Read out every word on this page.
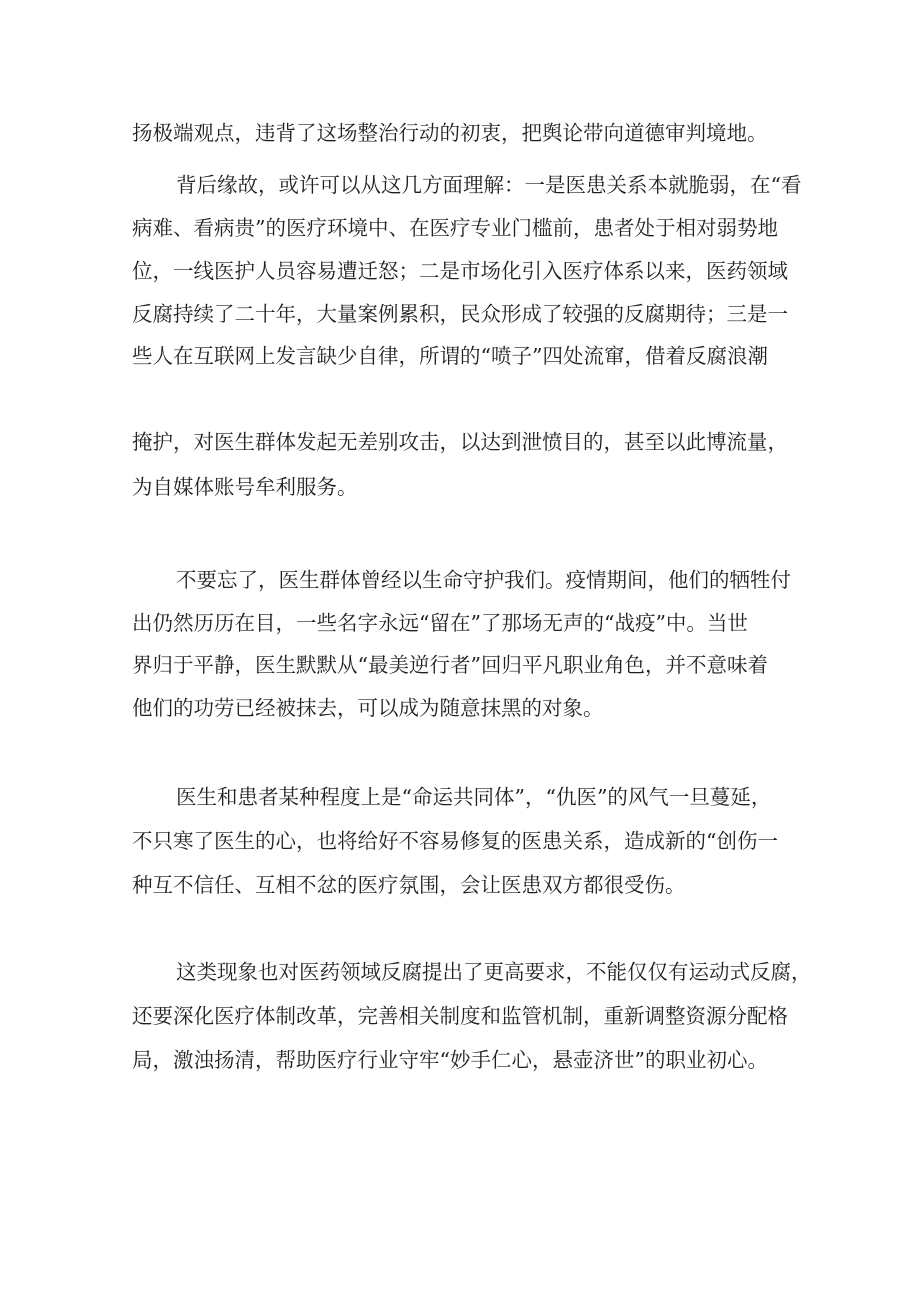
扬极端观点，违背了这场整治行动的初衷，把舆论带向道德审判境地。

背后缘故，或许可以从这几方面理解：一是医患关系本就脆弱，在“看

病难、看病贵”的医疗环境中、在医疗专业门槛前，患者处于相对弱势地

位，一线医护人员容易遭迁怒；二是市场化引入医疗体系以来，医药领域

反腐持续了二十年，大量案例累积，民众形成了较强的反腐期待；三是一

些人在互联网上发言缺少自律，所谓的“喷子”四处流窜，借着反腐浪潮

掩护，对医生群体发起无差别攻击，以达到泄愤目的，甚至以此博流量，

为自媒体账号牟利服务。

不要忘了，医生群体曾经以生命守护我们。疫情期间，他们的牺牲付

出仍然历历在目，一些名字永远“留在”了那场无声的“战疫”中。当世

界归于平静，医生默默从“最美逆行者”回归平凡职业角色，并不意味着

他们的功劳已经被抹去，可以成为随意抹黑的对象。

医生和患者某种程度上是“命运共同体”，“仇医”的风气一旦蔓延，

不只寒了医生的心，也将给好不容易修复的医患关系，造成新的“创伤一

种互不信任、互相不忿的医疗氛围，会让医患双方都很受伤。

这类现象也对医药领域反腐提出了更高要求，不能仅仅有运动式反腐，

还要深化医疗体制改革，完善相关制度和监管机制，重新调整资源分配格

局，激浊扬清，帮助医疗行业守牢“妙手仁心，悬壶济世”的职业初心。
